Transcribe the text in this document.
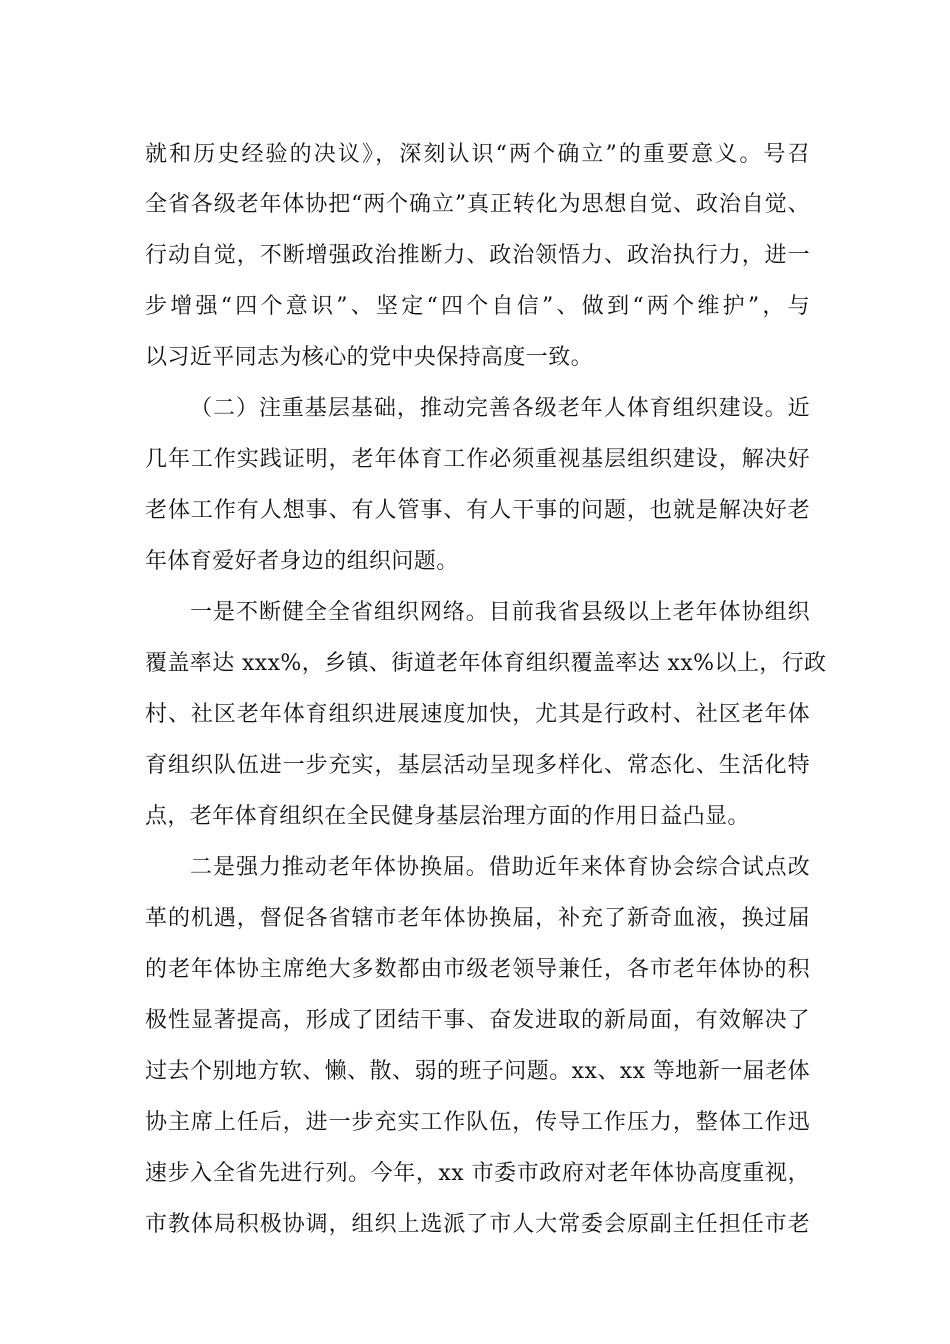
就和历史经验的决议》，深刻认识“两个确立”的重要意义。号召
全省各级老年体协把“两个确立”真正转化为思想自觉、政治自觉、
行动自觉，不断增强政治推断力、政治领悟力、政治执行力，进一
步增强“四个意识”、坚定“四个自信”、做到“两个维护”，与
以习近平同志为核心的党中央保持高度一致。
（二）注重基层基础，推动完善各级老年人体育组织建设。近
几年工作实践证明，老年体育工作必须重视基层组织建设，解决好
老体工作有人想事、有人管事、有人干事的问题，也就是解决好老
年体育爱好者身边的组织问题。
一是不断健全全省组织网络。目前我省县级以上老年体协组织
覆盖率达 xxx%，乡镇、街道老年体育组织覆盖率达 xx%以上，行政
村、社区老年体育组织进展速度加快，尤其是行政村、社区老年体
育组织队伍进一步充实，基层活动呈现多样化、常态化、生活化特
点，老年体育组织在全民健身基层治理方面的作用日益凸显。
二是强力推动老年体协换届。借助近年来体育协会综合试点改
革的机遇，督促各省辖市老年体协换届，补充了新奇血液，换过届
的老年体协主席绝大多数都由市级老领导兼任，各市老年体协的积
极性显著提高，形成了团结干事、奋发进取的新局面，有效解决了
过去个别地方软、懒、散、弱的班子问题。xx、xx 等地新一届老体
协主席上任后，进一步充实工作队伍，传导工作压力，整体工作迅
速步入全省先进行列。今年，xx 市委市政府对老年体协高度重视，
市教体局积极协调，组织上选派了市人大常委会原副主任担任市老
